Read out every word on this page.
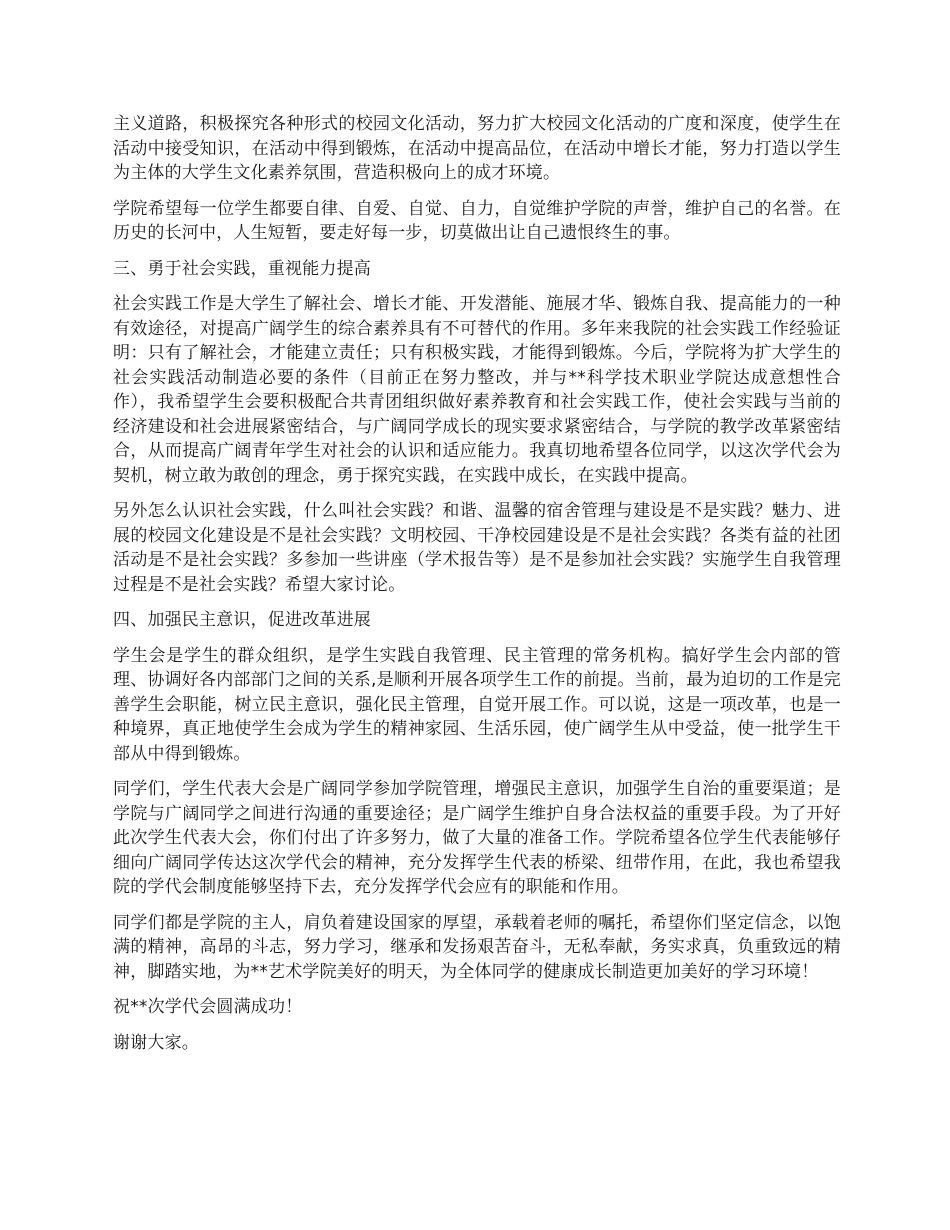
主义道路，积极探究各种形式的校园文化活动，努力扩大校园文化活动的广度和深度，使学生在活动中接受知识，在活动中得到锻炼，在活动中提高品位，在活动中增长才能，努力打造以学生为主体的大学生文化素养氛围，营造积极向上的成才环境。

学院希望每一位学生都要自律、自爱、自觉、自力，自觉维护学院的声誉，维护自己的名誉。在历史的长河中，人生短暂，要走好每一步，切莫做出让自己遗恨终生的事。

三、勇于社会实践，重视能力提高

社会实践工作是大学生了解社会、增长才能、开发潜能、施展才华、锻炼自我、提高能力的一种有效途径，对提高广阔学生的综合素养具有不可替代的作用。多年来我院的社会实践工作经验证明：只有了解社会，才能建立责任；只有积极实践，才能得到锻炼。今后，学院将为扩大学生的社会实践活动制造必要的条件（目前正在努力整改，并与**科学技术职业学院达成意想性合作），我希望学生会要积极配合共青团组织做好素养教育和社会实践工作，使社会实践与当前的经济建设和社会进展紧密结合，与广阔同学成长的现实要求紧密结合，与学院的教学改革紧密结合，从而提高广阔青年学生对社会的认识和适应能力。我真切地希望各位同学，以这次学代会为契机，树立敢为敢创的理念，勇于探究实践，在实践中成长，在实践中提高。

另外怎么认识社会实践，什么叫社会实践？和谐、温馨的宿舍管理与建设是不是实践？魅力、进展的校园文化建设是不是社会实践？文明校园、干净校园建设是不是社会实践？各类有益的社团活动是不是社会实践？多参加一些讲座（学术报告等）是不是参加社会实践？实施学生自我管理过程是不是社会实践？希望大家讨论。

四、加强民主意识，促进改革进展

学生会是学生的群众组织，是学生实践自我管理、民主管理的常务机构。搞好学生会内部的管理、协调好各内部部门之间的关系,是顺利开展各项学生工作的前提。当前，最为迫切的工作是完善学生会职能，树立民主意识，强化民主管理，自觉开展工作。可以说，这是一项改革，也是一种境界，真正地使学生会成为学生的精神家园、生活乐园，使广阔学生从中受益，使一批学生干部从中得到锻炼。

同学们，学生代表大会是广阔同学参加学院管理，增强民主意识，加强学生自治的重要渠道；是学院与广阔同学之间进行沟通的重要途径；是广阔学生维护自身合法权益的重要手段。为了开好此次学生代表大会，你们付出了许多努力，做了大量的准备工作。学院希望各位学生代表能够仔细向广阔同学传达这次学代会的精神，充分发挥学生代表的桥梁、纽带作用，在此，我也希望我院的学代会制度能够坚持下去，充分发挥学代会应有的职能和作用。

同学们都是学院的主人，肩负着建设国家的厚望，承载着老师的嘱托，希望你们坚定信念，以饱满的精神，高昂的斗志，努力学习，继承和发扬艰苦奋斗，无私奉献，务实求真，负重致远的精神，脚踏实地，为**艺术学院美好的明天，为全体同学的健康成长制造更加美好的学习环境！

祝**次学代会圆满成功！

谢谢大家。
